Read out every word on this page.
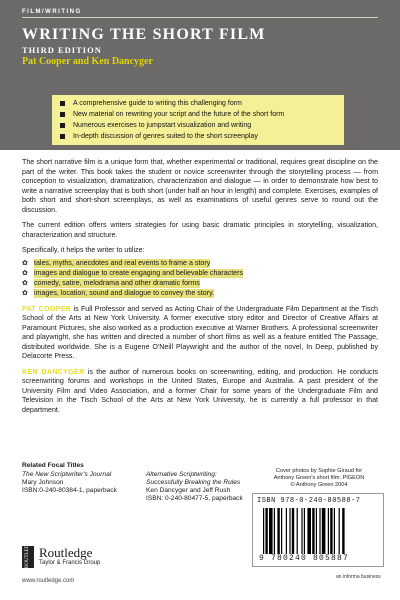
FILM/WRITING
WRITING THE SHORT FILM
THIRD EDITION
Pat Cooper and Ken Dancyger
A comprehensive guide to writing this challenging form
New material on rewriting your script and the future of the short form
Numerous exercises to jumpstart visualization and writing
In-depth discussion of genres suited to the short screenplay

The short narrative film is a unique form that, whether experimental or traditional, requires great discipline on the part of the writer. This book takes the student or novice screenwriter through the storytelling process — from conception to visualization, dramatization, characterization and dialogue — in order to demonstrate how best to write a narrative screenplay that is both short (under half an hour in length) and complete. Exercises, examples of both short and short-short screenplays, as well as examinations of useful genres serve to round out the discussion.

The current edition offers writers strategies for using basic dramatic principles in storytelling, visualization, characterization and structure.

Specifically, it helps the writer to utilize:

✿ tales, myths, anecdotes and real events to frame a story
✿ images and dialogue to create engaging and believable characters
✿ comedy, satire, melodrama and other dramatic forms
✿ images, location, sound and dialogue to convey the story.

PAT COOPER is Full Professor and served as Acting Chair of the Undergraduate Film Department at the Tisch School of the Arts at New York University. A former executive story editor and Director of Creative Affairs at Paramount Pictures, she also worked as a production executive at Warner Brothers. A professional screenwriter and playwright, she has written and directed a number of short films as well as a feature entitled The Passage, distributed worldwide. She is a Eugene O'Neill Playwright and the author of the novel, In Deep, published by Delacorte Press.

KEN DANCYGER is the author of numerous books on screenwriting, editing, and production. He conducts screenwriting forums and workshops in the United States, Europe and Australia. A past president of the University Film and Video Association, and a former Chair for some years of the Undergraduate Film and Television in the Tisch School of the Arts at New York University, he is currently a full professor in that department.

Related Focal Titles
The New Scriptwriter's Journal
Mary Johnson
ISBN:0-240-80384-1, paperback
Alternative Scriptwriting:
Successfully Breaking the Rules
Ken Dancyger and Jeff Rush
ISBN: 0-240-80477-5, paperback
Cover photos by Sophie Giraud for
Anthony Green's short film: PIGEON
© Anthony Green 2004
ISBN 978-0-240-80588-7
9 780240 805887
ROUTLEDGE Routledge
Taylor & Francis Group
www.routledge.com
an informa business
